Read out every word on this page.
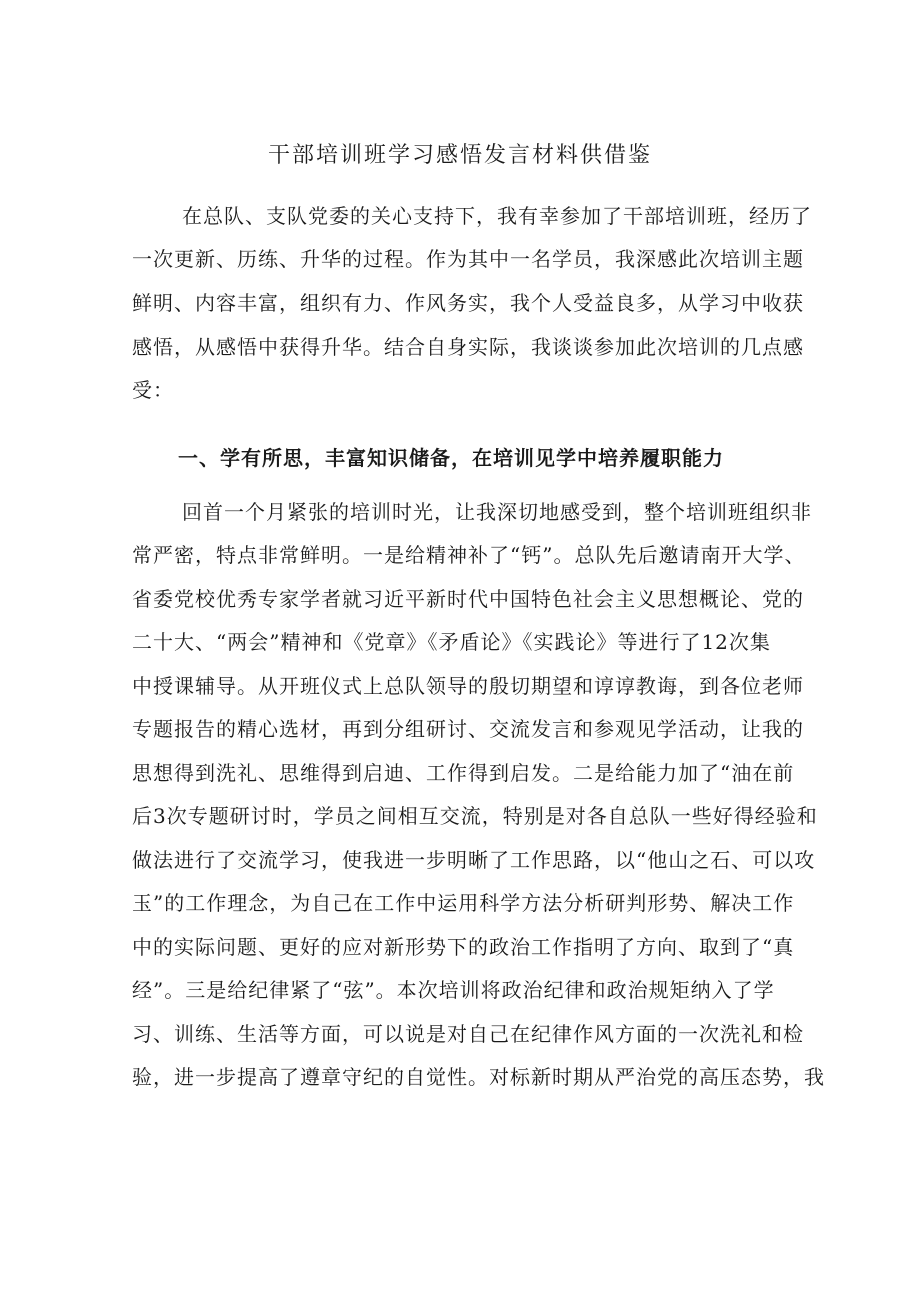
干部培训班学习感悟发言材料供借鉴
在总队、支队党委的关心支持下，我有幸参加了干部培训班，经历了
一次更新、历练、升华的过程。作为其中一名学员，我深感此次培训主题
鲜明、内容丰富，组织有力、作风务实，我个人受益良多，从学习中收获
感悟，从感悟中获得升华。结合自身实际，我谈谈参加此次培训的几点感
受：
一、学有所思，丰富知识储备，在培训见学中培养履职能力
回首一个月紧张的培训时光，让我深切地感受到，整个培训班组织非
常严密，特点非常鲜明。一是给精神补了“钙”。总队先后邀请南开大学、
省委党校优秀专家学者就习近平新时代中国特色社会主义思想概论、党的
二十大、“两会”精神和《党章》《矛盾论》《实践论》等进行了12次集
中授课辅导。从开班仪式上总队领导的殷切期望和谆谆教诲，到各位老师
专题报告的精心选材，再到分组研讨、交流发言和参观见学活动，让我的
思想得到洗礼、思维得到启迪、工作得到启发。二是给能力加了“油在前
后3次专题研讨时，学员之间相互交流，特别是对各自总队一些好得经验和
做法进行了交流学习，使我进一步明晰了工作思路，以“他山之石、可以攻
玉”的工作理念，为自己在工作中运用科学方法分析研判形势、解决工作
中的实际问题、更好的应对新形势下的政治工作指明了方向、取到了“真
经”。三是给纪律紧了“弦”。本次培训将政治纪律和政治规矩纳入了学
习、训练、生活等方面，可以说是对自己在纪律作风方面的一次洗礼和检
验，进一步提高了遵章守纪的自觉性。对标新时期从严治党的高压态势，我
